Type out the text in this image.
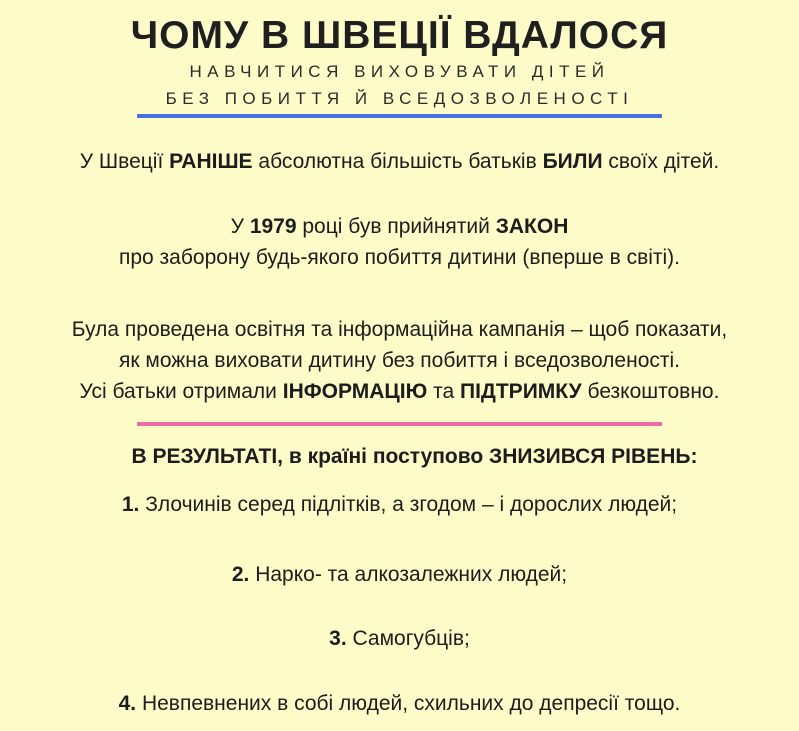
ЧОМУ В ШВЕЦІЇ ВДАЛОСЯ
НАВЧИТИСЯ ВИХОВУВАТИ ДІТЕЙ
БЕЗ ПОБИТТЯ Й ВСЕДОЗВОЛЕНОСТІ
У Швеції РАНІШЕ абсолютна більшість батьків БИЛИ своїх дітей.
У 1979 році був прийнятий ЗАКОН
про заборону будь-якого побиття дитини (вперше в світі).
Була проведена освітня та інформаційна кампанія – щоб показати,
як можна виховати дитину без побиття і вседозволеності.
Усі батьки отримали ІНФОРМАЦІЮ та ПІДТРИМКУ безкоштовно.
В РЕЗУЛЬТАТІ, в країні поступово ЗНИЗИВСЯ РІВЕНЬ:
1. Злочинів серед підлітків, а згодом – і дорослих людей;
2. Нарко- та алкозалежних людей;
3. Самогубців;
4. Невпевнених в собі людей, схильних до депресії тощо.
